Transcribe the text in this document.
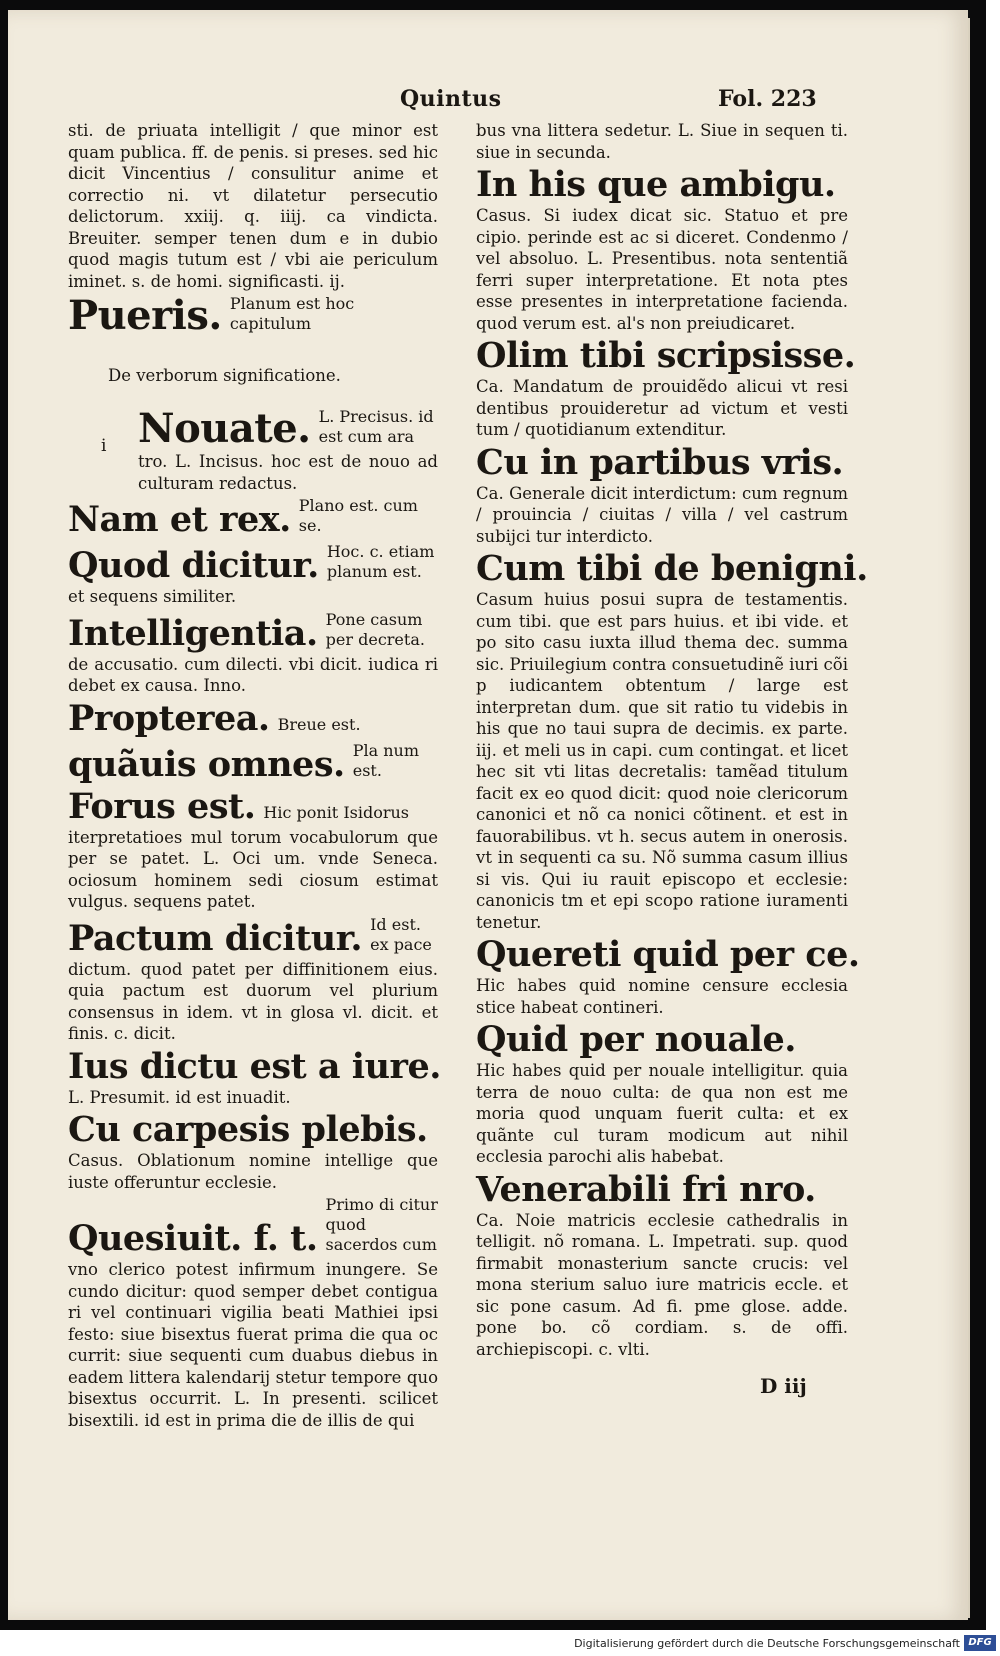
Quintus	Fol. 223
i

sti. de priuata intelligit / que minor est quam publica. ff. de penis. si preses. sed hic dicit Vincentius / consulitur anime et correctio ni. vt dilatetur persecutio delictorum. xxiij. q. iiij. ca vindicta. Breuiter. semper tenen dum e in dubio quod magis tutum est / vbi aie periculum iminet. s. de homi. significasti. ij.

Pueris. Planum est hoc capitulum

De verborum significatione.

Nouate. L. Precisus. id est cum ara

tro. L. Incisus. hoc est de nouo ad culturam redactus.

Nam et rex. Plano est. cum se.

Quod dicitur. Hoc. c. etiam planum est.

et sequens similiter.

Intelligentia. Pone casum per decreta.

de accusatio. cum dilecti. vbi dicit. iudica ri debet ex causa. Inno.

Propterea. Breue est.

quãuis omnes. Pla num est.

Forus est. Hic ponit Isidorus

iterpretatioes mul torum vocabulorum que per se patet. L. Oci um. vnde Seneca. ociosum hominem sedi ciosum estimat vulgus. sequens patet.

Pactum dicitur. Id est. ex pace

dictum. quod patet per diffinitionem eius. quia pactum est duorum vel plurium consensus in idem. vt in glosa vl. dicit. et finis. c. dicit.

Ius dictu est a iure.

L. Presumit. id est inuadit.

Cu carpesis plebis.

Casus. Oblationum nomine intellige que iuste offeruntur ecclesie.

Quesiuit. f. t.

Primo di citur quod sacerdos cum

vno clerico potest infirmum inungere. Se cundo dicitur: quod semper debet contigua ri vel continuari vigilia beati Mathiei ipsi festo: siue bisextus fuerat prima die qua oc currit: siue sequenti cum duabus diebus in eadem littera kalendarij stetur tempore quo bisextus occurrit. L. In presenti. scilicet bisextili. id est in prima die de illis de qui

bus vna littera sedetur. L. Siue in sequen ti. siue in secunda.

In his que ambigu.

Casus. Si iudex dicat sic. Statuo et pre cipio. perinde est ac si diceret. Condenmo / vel absoluo. L. Presentibus. nota sententiã ferri super interpretatione. Et nota ptes esse presentes in interpretatione facienda. quod verum est. al's non preiudicaret.

Olim tibi scripsisse.

Ca. Mandatum de prouidẽdo alicui vt resi dentibus prouideretur ad victum et vesti tum / quotidianum extenditur.

Cu in partibus vris.

Ca. Generale dicit interdictum: cum regnum / prouincia / ciuitas / villa / vel castrum subijci tur interdicto.

Cum tibi de benigni.

Casum huius posui supra de testamentis. cum tibi. que est pars huius. et ibi vide. et po sito casu iuxta illud thema dec. summa sic. Priuilegium contra consuetudinẽ iuri cõi p iudicantem obtentum / large est interpretan dum. que sit ratio tu videbis in his que no taui supra de decimis. ex parte. iij. et meli us in capi. cum contingat. et licet hec sit vti litas decretalis: tamẽad titulum facit ex eo quod dicit: quod noie clericorum canonici et nõ ca nonici cõtinent. et est in fauorabilibus. vt h. secus autem in onerosis. vt in sequenti ca su. Nõ summa casum illius si vis. Qui iu rauit episcopo et ecclesie: canonicis tm et epi scopo ratione iuramenti tenetur.

Quereti quid per ce.

Hic habes quid nomine censure ecclesia stice habeat contineri.

Quid per nouale.

Hic habes quid per nouale intelligitur. quia terra de nouo culta: de qua non est me moria quod unquam fuerit culta: et ex quãnte cul turam modicum aut nihil ecclesia parochi alis habebat.

Venerabili fri nro.

Ca. Noie matricis ecclesie cathedralis in telligit. nõ romana. L. Impetrati. sup. quod firmabit monasterium sancte crucis: vel mona sterium saluo iure matricis eccle. et sic pone casum. Ad fi. pme glose. adde. pone bo. cõ cordiam. s. de offi. archiepiscopi. c. vlti.

D iij
Digitalisierung gefördert durch die Deutsche Forschungsgemeinschaft DFG
